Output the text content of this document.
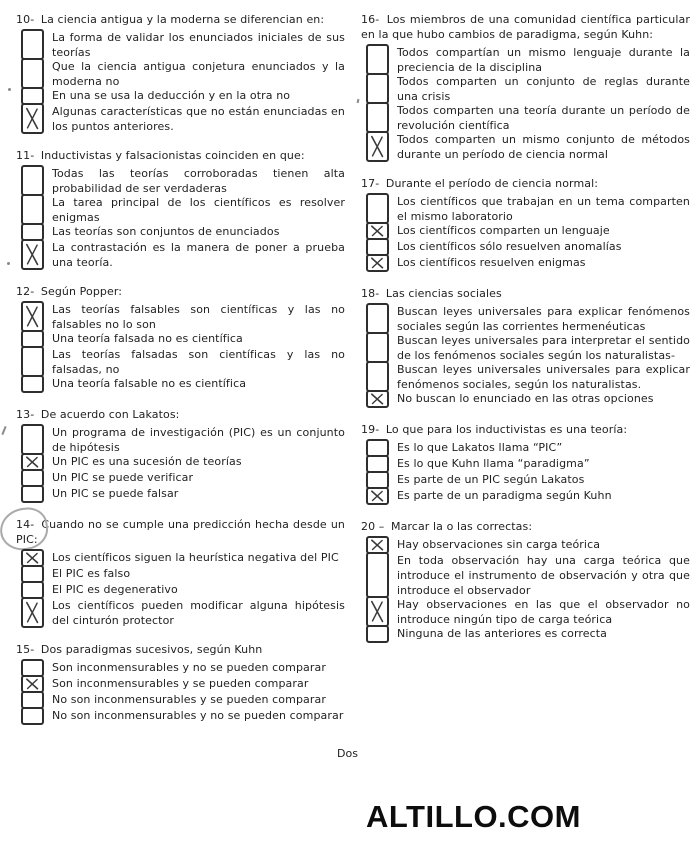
10- La ciencia antigua y la moderna se diferencian en:
La forma de validar los enunciados iniciales de sus teorías
Que la ciencia antigua conjetura enunciados y la moderna no
En una se usa la deducción y en la otra no
Algunas características que no están enunciadas en los puntos anteriores.
11- Inductivistas y falsacionistas coinciden en que:
Todas las teorías corroboradas tienen alta probabilidad de ser verdaderas
La tarea principal de los científicos es resolver enigmas
Las teorías son conjuntos de enunciados
La contrastación es la manera de poner a prueba una teoría.
12- Según Popper:
Las teorías falsables son científicas y las no falsables no lo son
Una teoría falsada no es científica
Las teorías falsadas son científicas y las no falsadas, no
Una teoría falsable no es científica
13- De acuerdo con Lakatos:
Un programa de investigación (PIC) es un conjunto de hipótesis
Un PIC es una sucesión de teorías
Un PIC se puede verificar
Un PIC se puede falsar
14- Cuando no se cumple una predicción hecha desde un PIC:
Los científicos siguen la heurística negativa del PIC
El PIC es falso
El PIC es degenerativo
Los científicos pueden modificar alguna hipótesis del cinturón protector
15- Dos paradigmas sucesivos, según Kuhn
Son inconmensurables y no se pueden comparar
Son inconmensurables y se pueden comparar
No son inconmensurables y se pueden comparar
No son inconmensurables y no se pueden comparar
16- Los miembros de una comunidad científica particular en la que hubo cambios de paradigma, según Kuhn:
Todos compartían un mismo lenguaje durante la preciencia de la disciplina
Todos comparten un conjunto de reglas durante una crisis
Todos comparten una teoría durante un período de revolución científica
Todos comparten un mismo conjunto de métodos durante un período de ciencia normal
17- Durante el período de ciencia normal:
Los científicos que trabajan en un tema comparten el mismo laboratorio
Los científicos comparten un lenguaje
Los científicos sólo resuelven anomalías
Los científicos resuelven enigmas
18- Las ciencias sociales
Buscan leyes universales para explicar fenómenos sociales según las corrientes hermenéuticas
Buscan leyes universales para interpretar el sentido de los fenómenos sociales según los naturalistas-
Buscan leyes universales universales para explicar fenómenos sociales, según los naturalistas.
No buscan lo enunciado en las otras opciones
19- Lo que para los inductivistas es una teoría:
Es lo que Lakatos llama “PIC”
Es lo que Kuhn llama “paradigma”
Es parte de un PIC según Lakatos
Es parte de un paradigma según Kuhn
20 – Marcar la o las correctas:
Hay observaciones sin carga teórica
En toda observación hay una carga teórica que introduce el instrumento de observación y otra que introduce el observador
Hay observaciones en las que el observador no introduce ningún tipo de carga teórica
Ninguna de las anteriores es correcta
Dos
ALTILLO.COM
